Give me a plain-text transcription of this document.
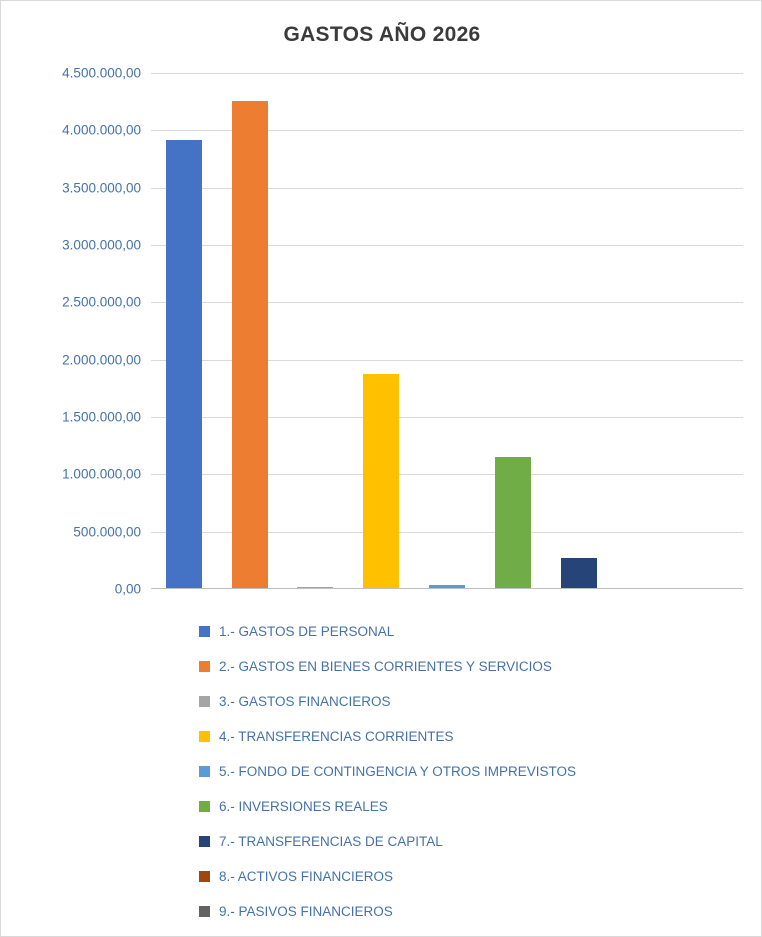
GASTOS AÑO 2026
4.500.000,00
4.000.000,00
3.500.000,00
3.000.000,00
2.500.000,00
2.000.000,00
1.500.000,00
1.000.000,00
500.000,00
0,00
1.- GASTOS DE PERSONAL
2.- GASTOS EN BIENES CORRIENTES Y SERVICIOS
3.- GASTOS FINANCIEROS
4.- TRANSFERENCIAS CORRIENTES
5.- FONDO DE CONTINGENCIA Y OTROS IMPREVISTOS
6.- INVERSIONES REALES
7.- TRANSFERENCIAS DE CAPITAL
8.- ACTIVOS FINANCIEROS
9.- PASIVOS FINANCIEROS
